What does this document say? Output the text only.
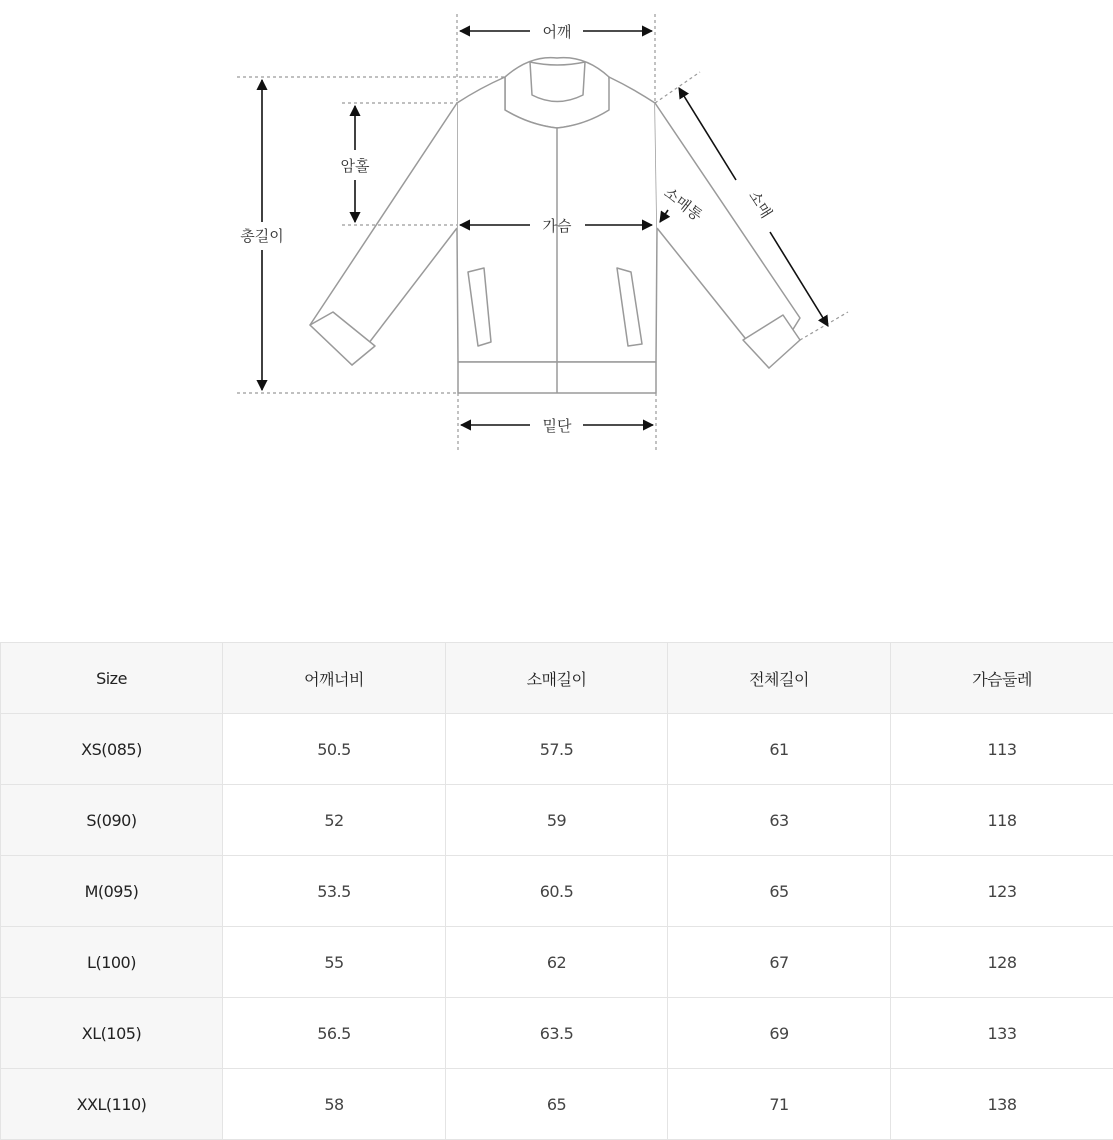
어깨
총길이
암홀
가슴
밑단
소매
소매통
Size	어깨너비	소매길이	전체길이	가슴둘레
XS(085)	50.5	57.5	61	113
S(090)	52	59	63	118
M(095)	53.5	60.5	65	123
L(100)	55	62	67	128
XL(105)	56.5	63.5	69	133
XXL(110)	58	65	71	138
